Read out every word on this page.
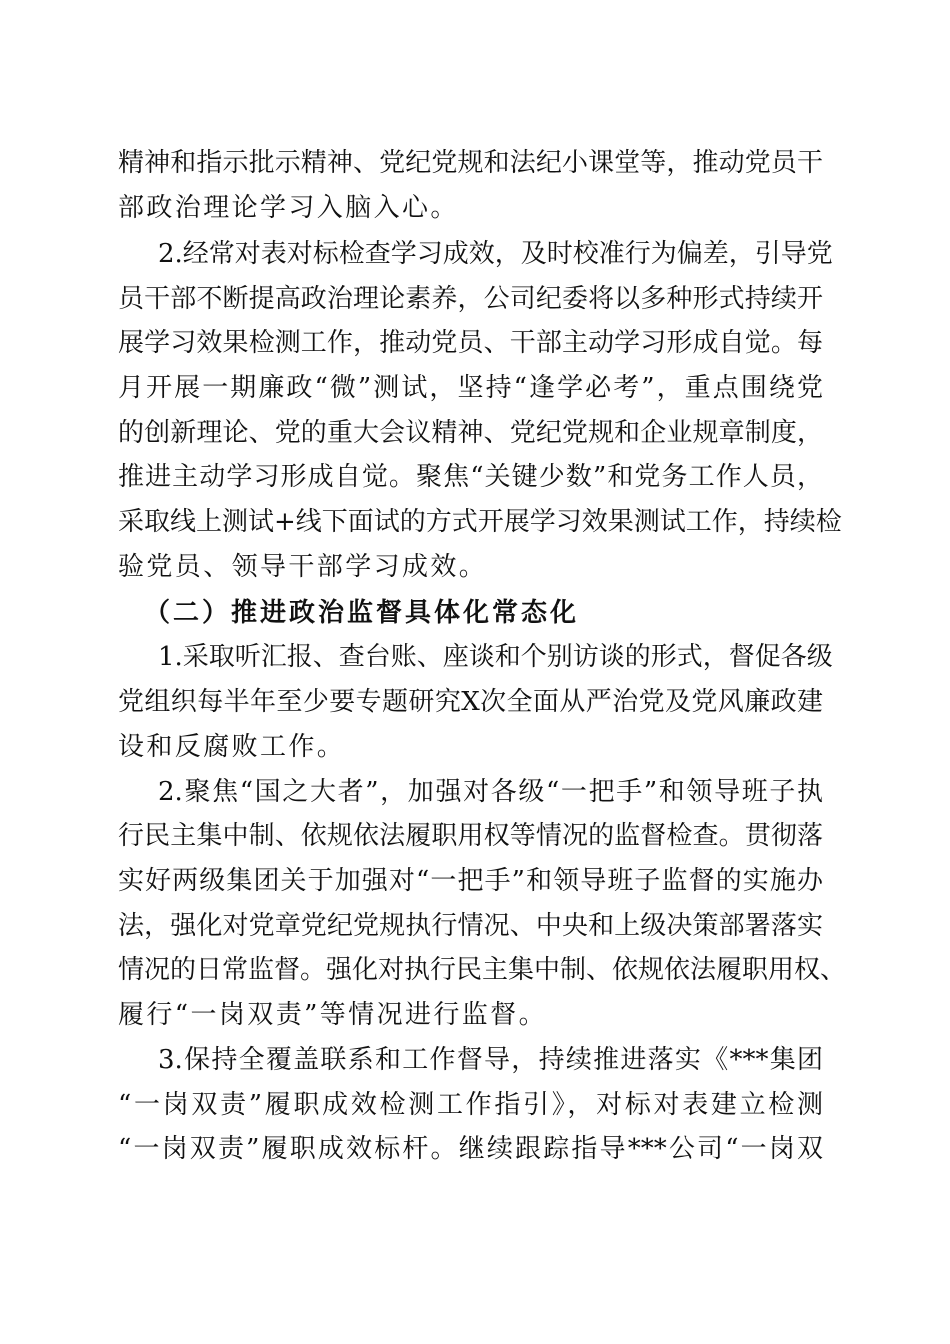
精神和指示批示精神、党纪党规和法纪小课堂等，推动党员干
部政治理论学习入脑入心。
2.经常对表对标检查学习成效，及时校准行为偏差，引导党
员干部不断提高政治理论素养，公司纪委将以多种形式持续开
展学习效果检测工作，推动党员、干部主动学习形成自觉。每
月开展一期廉政“微”测试，坚持“逢学必考”，重点围绕党
的创新理论、党的重大会议精神、党纪党规和企业规章制度，
推进主动学习形成自觉。聚焦“关键少数”和党务工作人员，
采取线上测试+线下面试的方式开展学习效果测试工作，持续检
验党员、领导干部学习成效。
（二）推进政治监督具体化常态化
1.采取听汇报、查台账、座谈和个别访谈的形式，督促各级
党组织每半年至少要专题研究X次全面从严治党及党风廉政建
设和反腐败工作。
2.聚焦“国之大者”，加强对各级“一把手”和领导班子执
行民主集中制、依规依法履职用权等情况的监督检查。贯彻落
实好两级集团关于加强对“一把手”和领导班子监督的实施办
法，强化对党章党纪党规执行情况、中央和上级决策部署落实
情况的日常监督。强化对执行民主集中制、依规依法履职用权、
履行“一岗双责”等情况进行监督。
3.保持全覆盖联系和工作督导，持续推进落实《***集团
“一岗双责”履职成效检测工作指引》，对标对表建立检测
“一岗双责”履职成效标杆。继续跟踪指导***公司“一岗双
